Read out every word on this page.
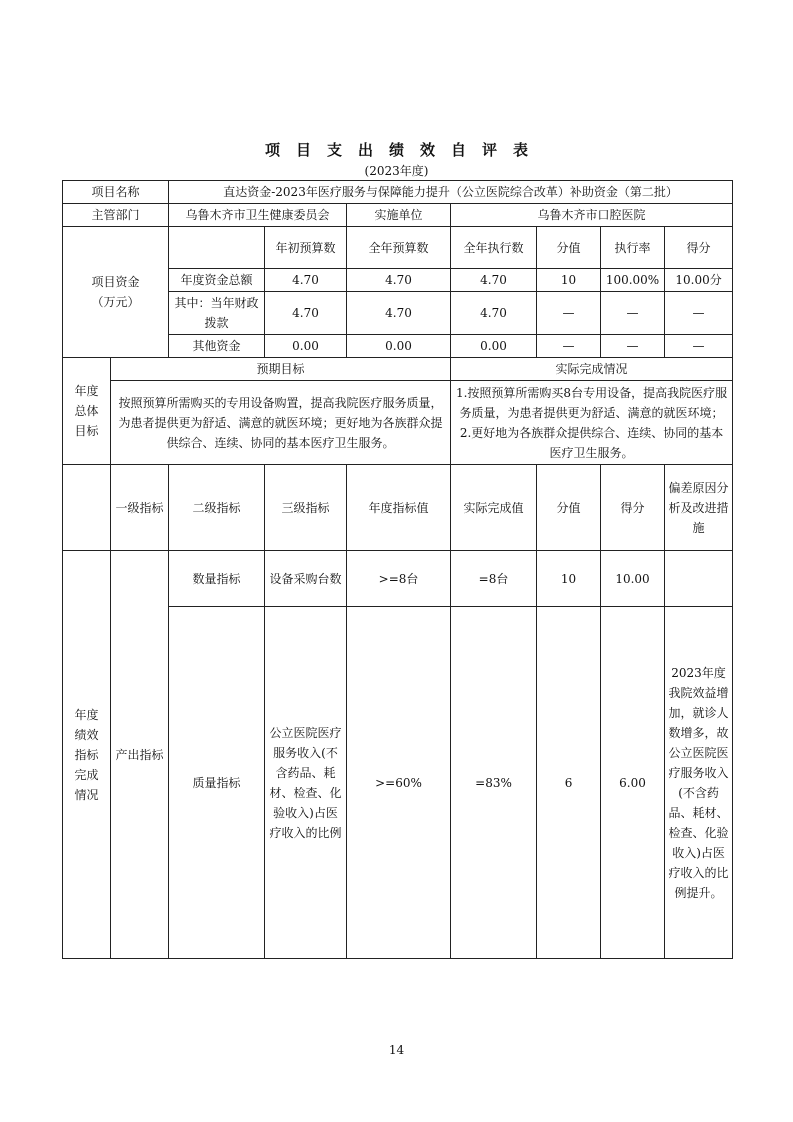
项目支出绩效自评表
(2023年度)
项目名称		直达资金-2023年医疗服务与保障能力提升（公立医院综合改革）补助资金（第二批）						
主管部门		乌鲁木齐市卫生健康委员会		实施单位	乌鲁木齐市口腔医院			
项目资金
（万元）			年初预算数	全年预算数	全年执行数	分值	执行率	得分
		年度资金总额	4.70	4.70	4.70	10	100.00%	10.00分
		其中：当年财政拨款	4.70	4.70	4.70	—	—	—
		其他资金	0.00	0.00	0.00	—	—	—
年度
总体
目标	预期目标				实际完成情况			
	按照预算所需购买的专用设备购置，提高我院医疗服务质量，为患者提供更为舒适、满意的就医环境；更好地为各族群众提供综合、连续、协同的基本医疗卫生服务。				1.按照预算所需购买8台专用设备，提高我院医疗服务质量，为患者提供更为舒适、满意的就医环境；2.更好地为各族群众提供综合、连续、协同的基本医疗卫生服务。			
	一级指标	二级指标	三级指标	年度指标值	实际完成值	分值	得分	偏差原因分析及改进措施
年度
绩效
指标
完成
情况	产出指标	数量指标	设备采购台数	>=8台	=8台	10	10.00	
		质量指标	公立医院医疗服务收入(不含药品、耗材、检查、化验收入)占医疗收入的比例	>=60%	=83%	6	6.00	2023年度我院效益增加，就诊人数增多，故公立医院医疗服务收入(不含药品、耗材、检查、化验收入)占医疗收入的比例提升。
14
